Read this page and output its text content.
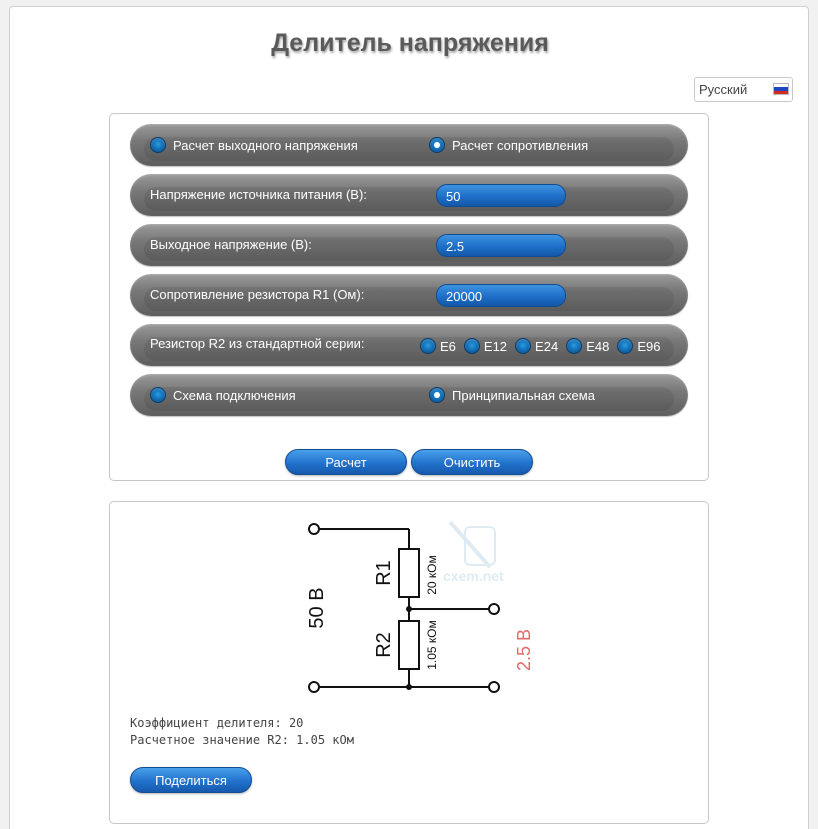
Делитель напряжения
Русский
Расчет выходного напряжения	Расчет сопротивления
Напряжение источника питания (В):	50
Выходное напряжение (В):	2.5
Сопротивление резистора R1 (Ом):	20000
Резистор R2 из стандартной серии:	E6 E12 E24 E48 E96
Схема подключения	Принципиальная схема
Расчет	Очистить
cxem.net
R1	20 кОм
R2	1.05 кОм
50 В
2.5 В
Коэффициент делителя: 20
Расчетное значение R2: 1.05 кОм
Поделиться
